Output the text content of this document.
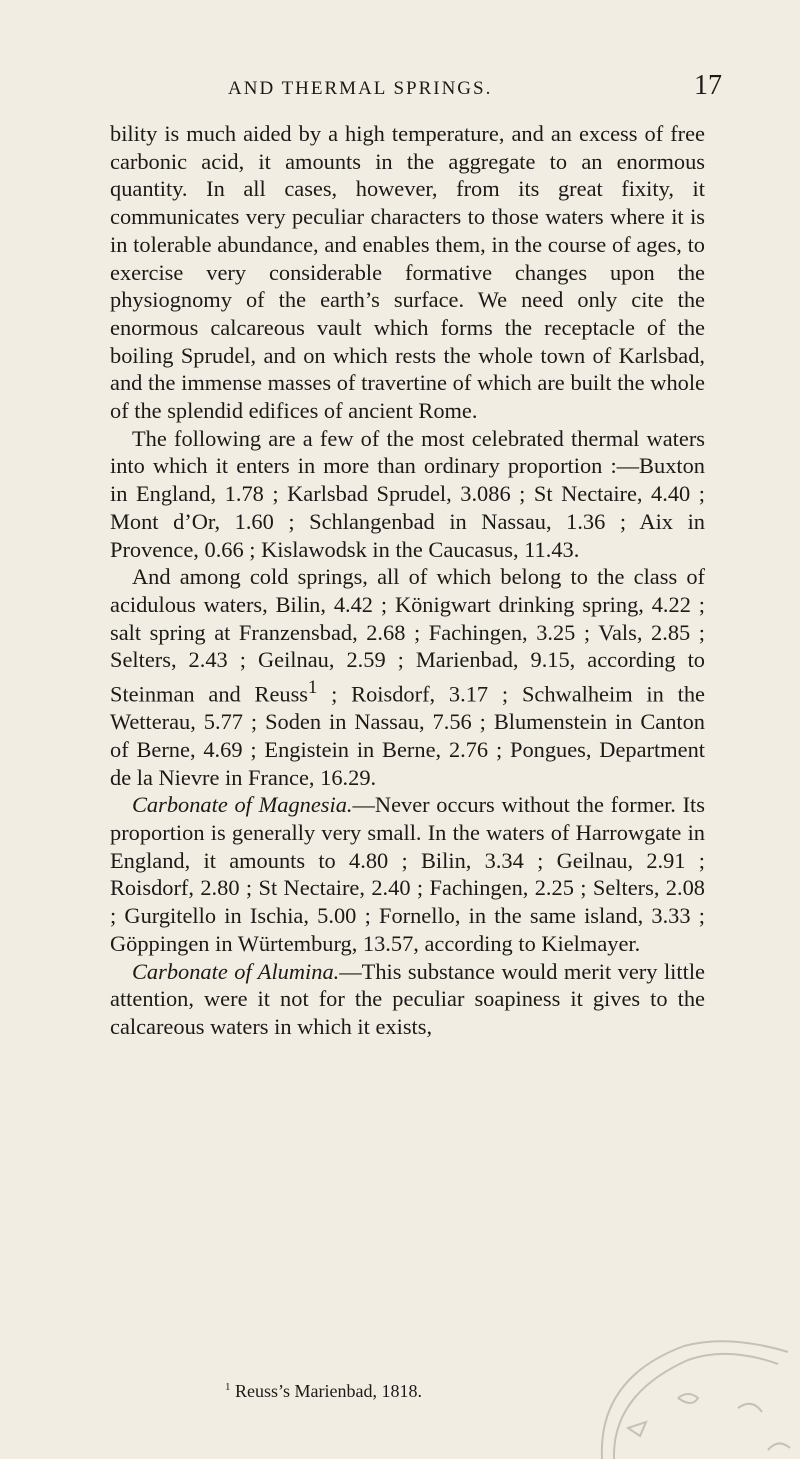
AND THERMAL SPRINGS.	17

bility is much aided by a high temperature, and an excess of free carbonic acid, it amounts in the aggregate to an enormous quantity. In all cases, however, from its great fixity, it communicates very peculiar characters to those waters where it is in tolerable abundance, and enables them, in the course of ages, to exercise very considerable formative changes upon the physiognomy of the earth’s surface. We need only cite the enormous calcareous vault which forms the receptacle of the boiling Sprudel, and on which rests the whole town of Karlsbad, and the immense masses of travertine of which are built the whole of the splendid edifices of ancient Rome.

The following are a few of the most celebrated thermal waters into which it enters in more than ordinary proportion :—Buxton in England, 1.78 ; Karlsbad Sprudel, 3.086 ; St Nectaire, 4.40 ; Mont d’Or, 1.60 ; Schlangenbad in Nassau, 1.36 ; Aix in Provence, 0.66 ; Kislawodsk in the Caucasus, 11.43.

And among cold springs, all of which belong to the class of acidulous waters, Bilin, 4.42 ; Königwart drinking spring, 4.22 ; salt spring at Franzensbad, 2.68 ; Fachingen, 3.25 ; Vals, 2.85 ; Selters, 2.43 ; Geilnau, 2.59 ; Marienbad, 9.15, according to Steinman and Reuss$^1$ ; Roisdorf, 3.17 ; Schwalheim in the Wetterau, 5.77 ; Soden in Nassau, 7.56 ; Blumenstein in Canton of Berne, 4.69 ; Engistein in Berne, 2.76 ; Pongues, Department de la Nievre in France, 16.29.

Carbonate of Magnesia.—Never occurs without the former. Its proportion is generally very small. In the waters of Harrowgate in England, it amounts to 4.80 ; Bilin, 3.34 ; Geilnau, 2.91 ; Roisdorf, 2.80 ; St Nectaire, 2.40 ; Fachingen, 2.25 ; Selters, 2.08 ; Gurgitello in Ischia, 5.00 ; Fornello, in the same island, 3.33 ; Göppingen in Würtemburg, 13.57, according to Kielmayer.

Carbonate of Alumina.—This substance would merit very little attention, were it not for the peculiar soapiness it gives to the calcareous waters in which it exists,

$^1$ Reuss’s Marienbad, 1818.
